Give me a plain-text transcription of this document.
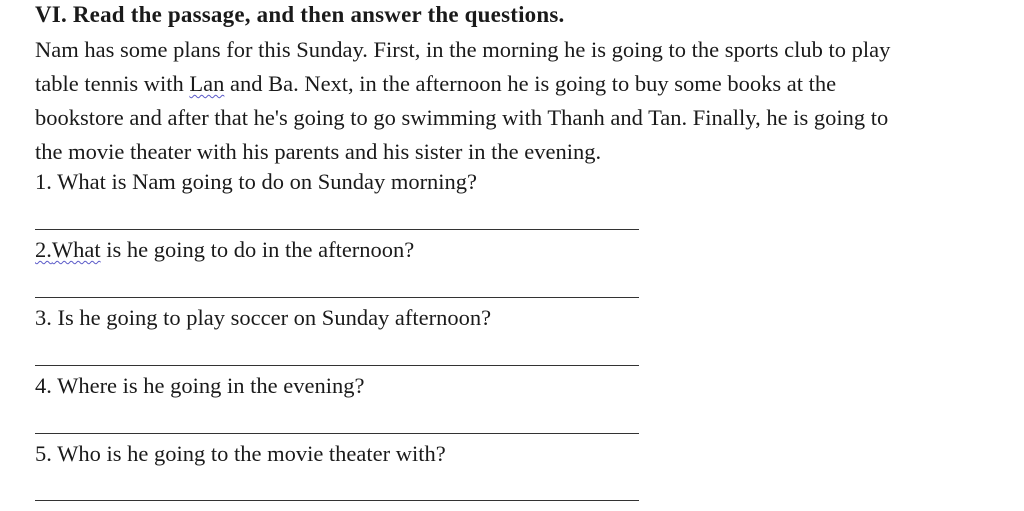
VI. Read the passage, and then answer the questions.
Nam has some plans for this Sunday. First, in the morning he is going to the sports club to play
table tennis with Lan and Ba. Next, in the afternoon he is going to buy some books at the
bookstore and after that he's going to go swimming with Thanh and Tan. Finally, he is going to
the movie theater with his parents and his sister in the evening.
1. What is Nam going to do on Sunday morning?
2.What is he going to do in the afternoon?
3. Is he going to play soccer on Sunday afternoon?
4. Where is he going in the evening?
5. Who is he going to the movie theater with?
